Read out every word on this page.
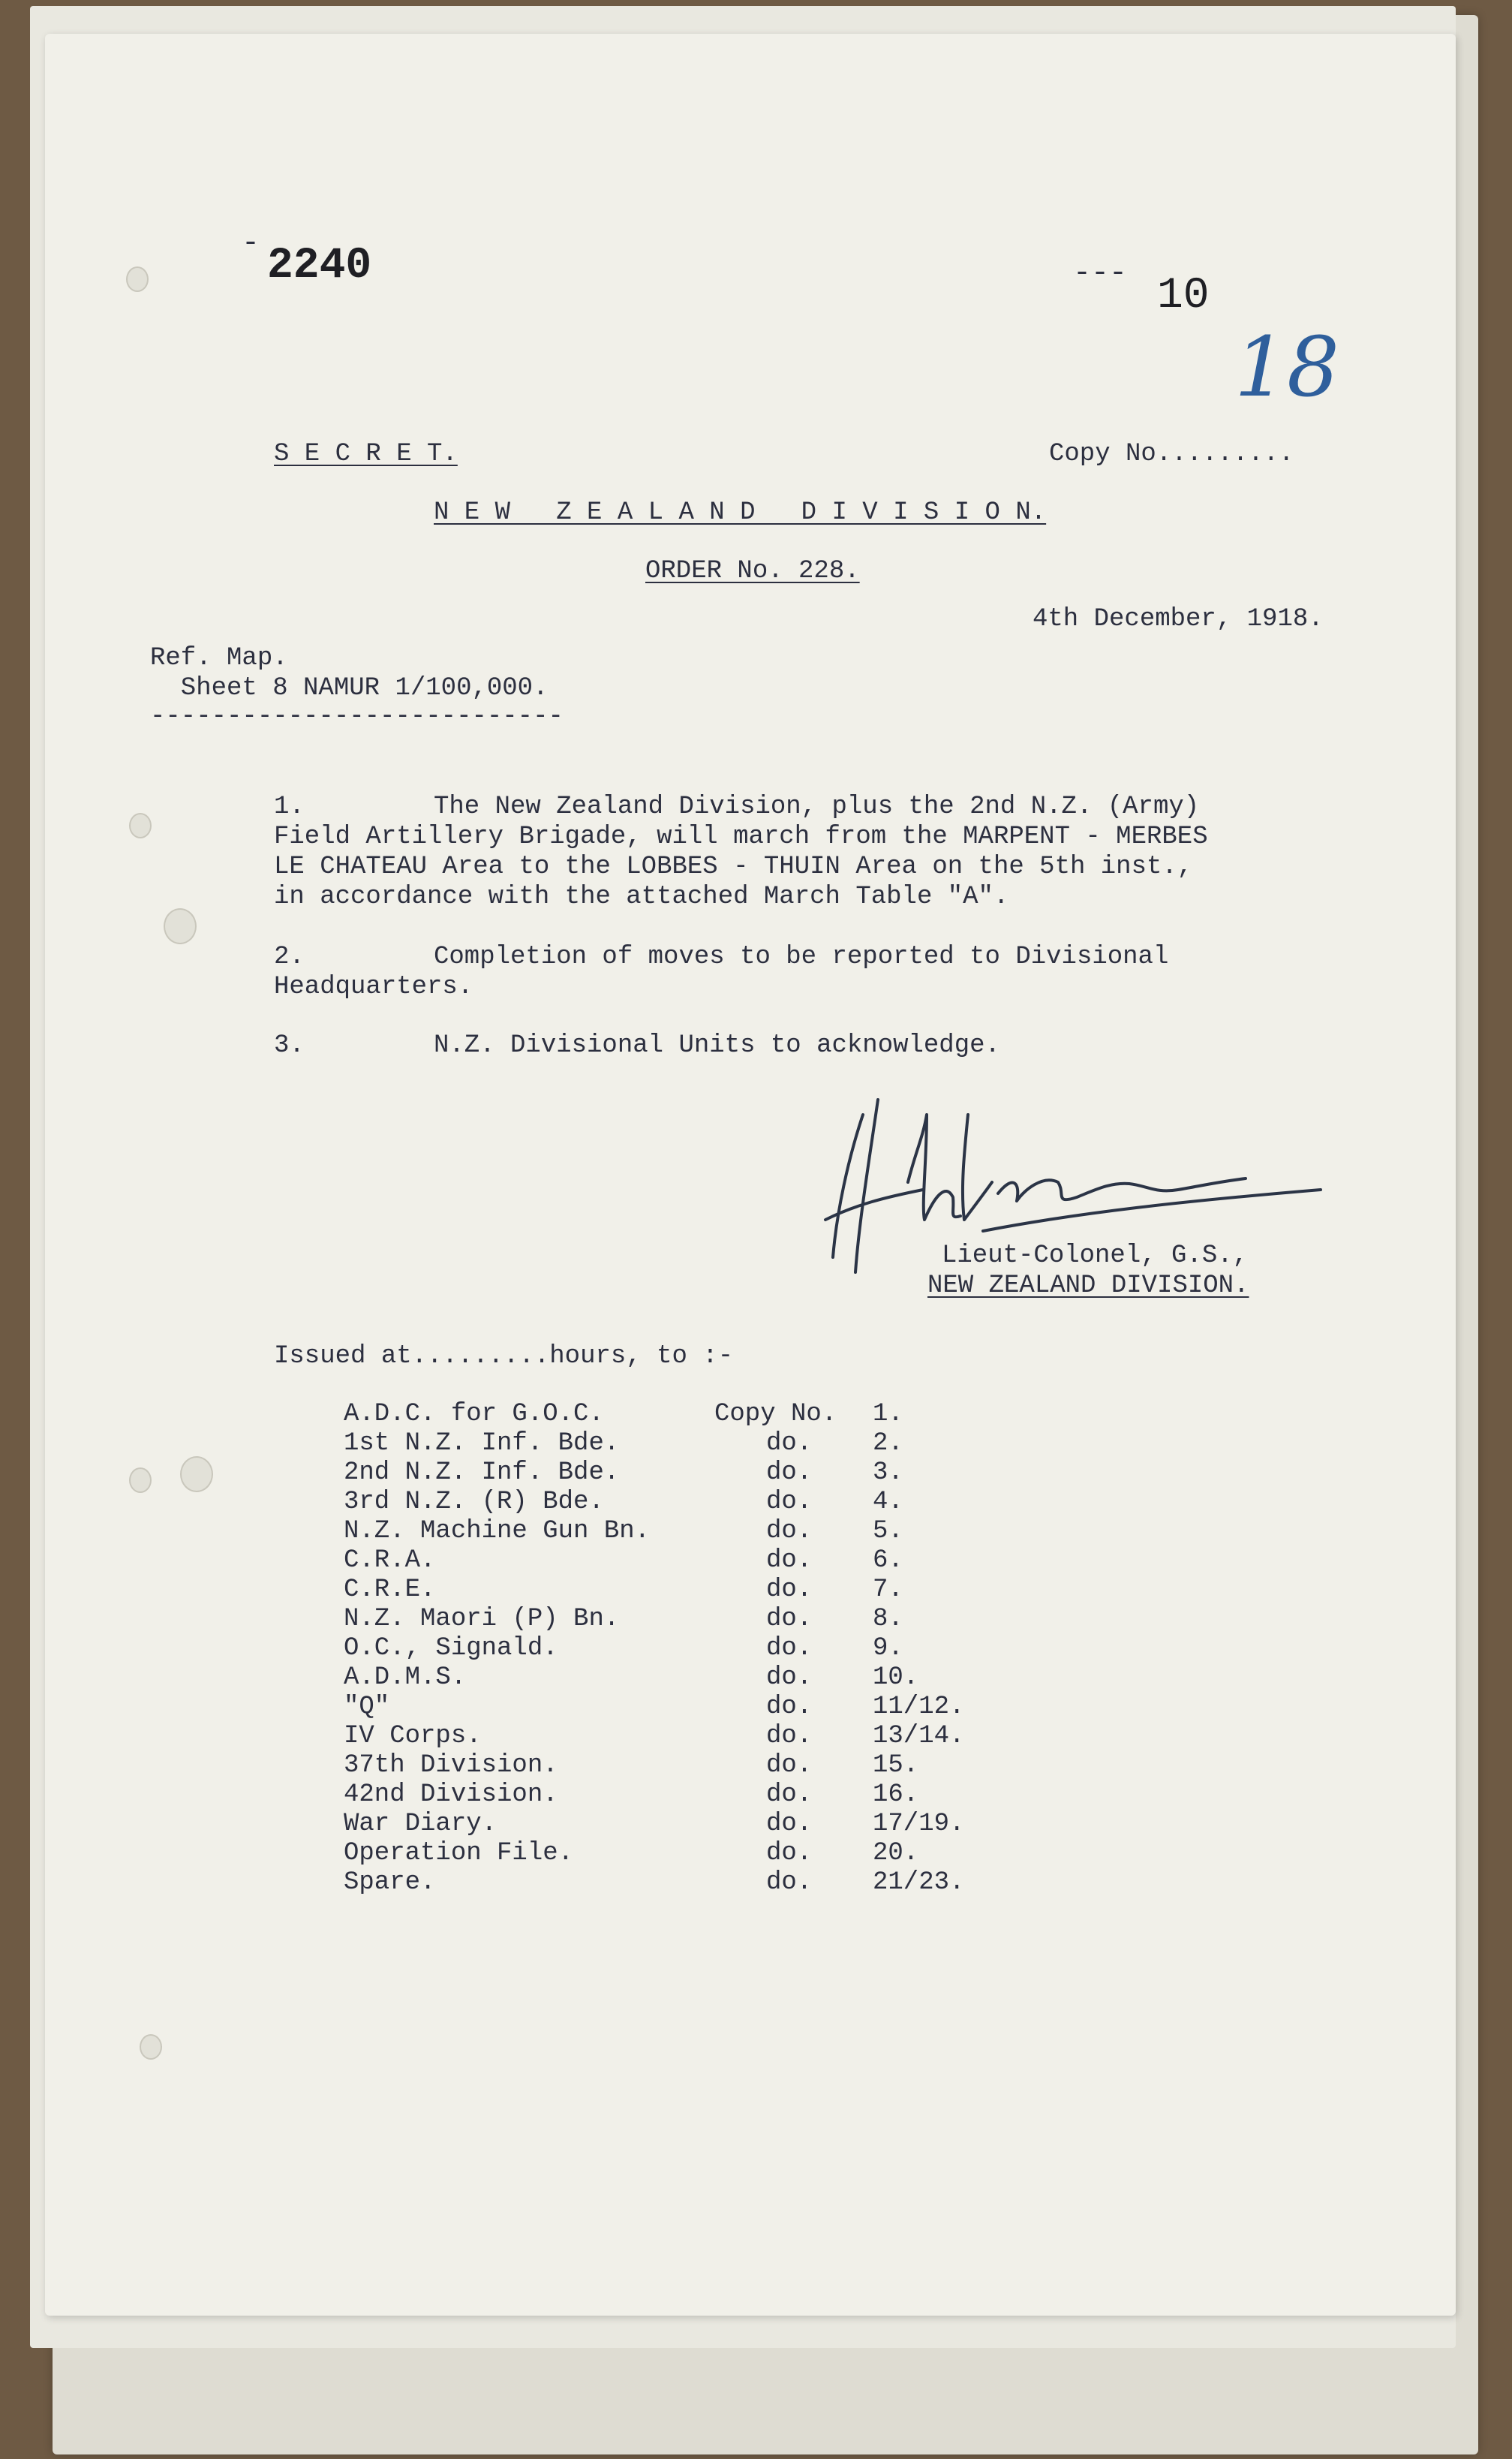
2240
-
--- 10
18
S E C R E T.	Copy No.........
N E W   Z E A L A N D   D I V I S I O N.
ORDER No. 228.
4th December, 1918.
Ref. Map.
Sheet 8 NAMUR 1/100,000.
---------------------------
1.	The New Zealand Division, plus the 2nd N.Z. (Army)
Field Artillery Brigade, will march from the MARPENT - MERBES
LE CHATEAU Area to the LOBBES - THUIN Area on the 5th inst.,
in accordance with the attached March Table "A".
2.	Completion of moves to be reported to Divisional
Headquarters.
3.	N.Z. Divisional Units to acknowledge.
Lieut-Colonel, G.S.,
NEW ZEALAND DIVISION.
Issued at.........hours, to :-
A.D.C. for G.O.C.	Copy No. 1.
1st N.Z. Inf. Bde.	do. 2.
2nd N.Z. Inf. Bde.	do. 3.
3rd N.Z. (R) Bde.	do. 4.
N.Z. Machine Gun Bn.	do. 5.
C.R.A.	do. 6.
C.R.E.	do. 7.
N.Z. Maori (P) Bn.	do. 8.
O.C., Signald.	do. 9.
A.D.M.S.	do. 10.
"Q"	do. 11/12.
IV Corps.	do. 13/14.
37th Division.	do. 15.
42nd Division.	do. 16.
War Diary.	do. 17/19.
Operation File.	do. 20.
Spare.	do. 21/23.
